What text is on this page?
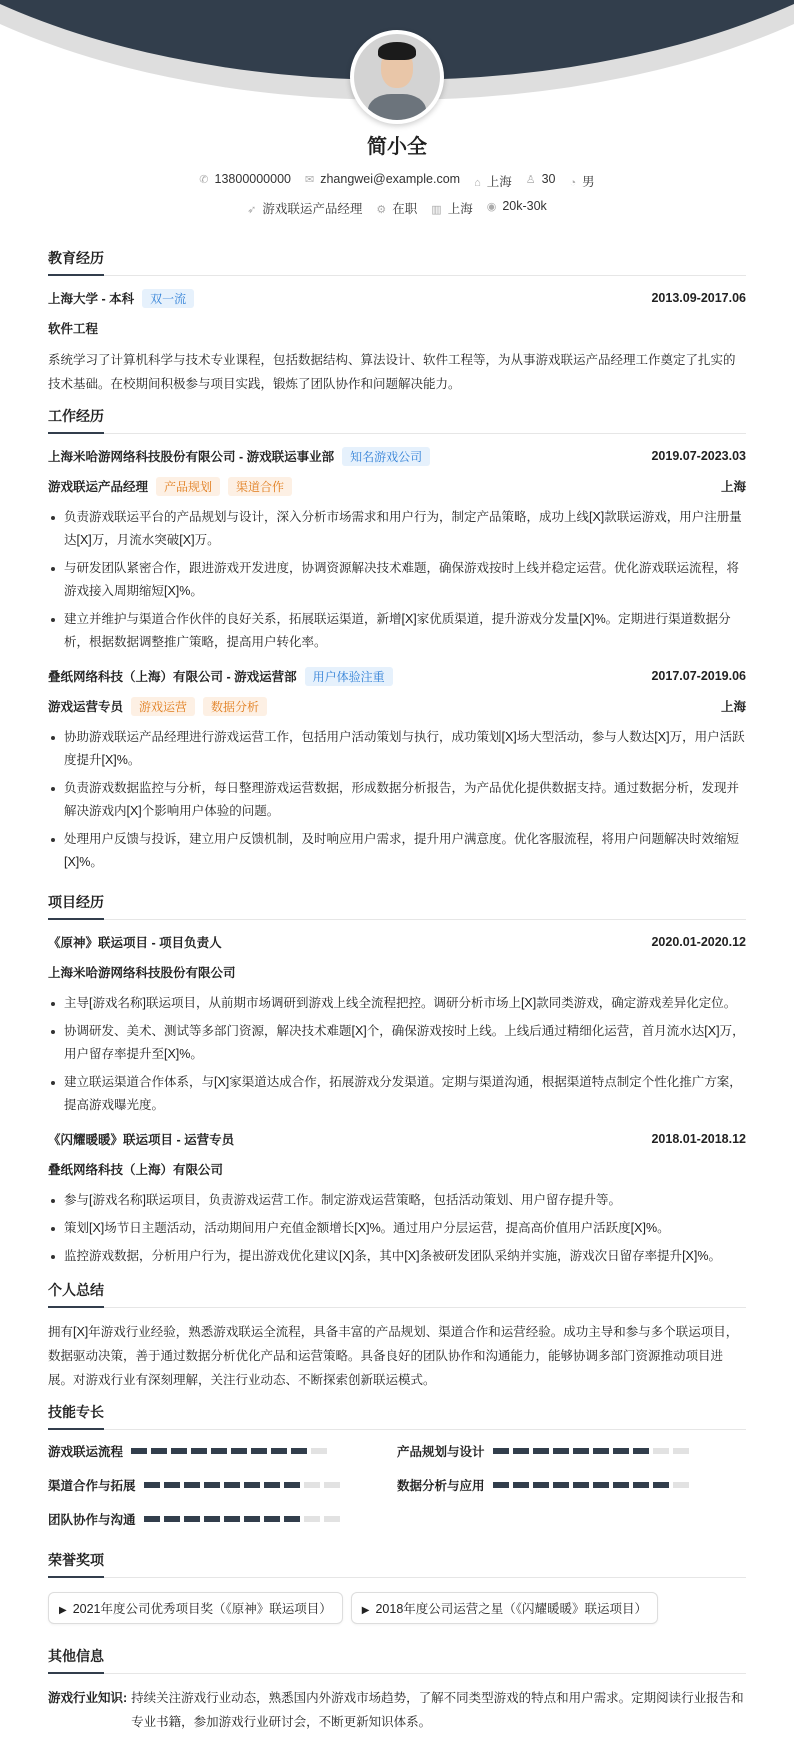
简小全
✆ 13800000000 ✉ zhangwei@example.com ⌂ 上海 ♙ 30 ◔ 男
➶ 游戏联运产品经理 ⚙ 在职 ▥ 上海 ◉ 20k-30k
教育经历
上海大学 - 本科 双一流	2013.09-2017.06
软件工程

系统学习了计算机科学与技术专业课程，包括数据结构、算法设计、软件工程等，为从事游戏联运产品经理工作奠定了扎实的技术基础。在校期间积极参与项目实践，锻炼了团队协作和问题解决能力。

工作经历
上海米哈游网络科技股份有限公司 - 游戏联运事业部 知名游戏公司	2019.07-2023.03
游戏联运产品经理 产品规划 渠道合作	上海
负责游戏联运平台的产品规划与设计，深入分析市场需求和用户行为，制定产品策略，成功上线[X]款联运游戏，用户注册量达[X]万，月流水突破[X]万。
与研发团队紧密合作，跟进游戏开发进度，协调资源解决技术难题，确保游戏按时上线并稳定运营。优化游戏联运流程，将游戏接入周期缩短[X]%。
建立并维护与渠道合作伙伴的良好关系，拓展联运渠道，新增[X]家优质渠道，提升游戏分发量[X]%。定期进行渠道数据分析，根据数据调整推广策略，提高用户转化率。
叠纸网络科技（上海）有限公司 - 游戏运营部 用户体验注重	2017.07-2019.06
游戏运营专员 游戏运营 数据分析	上海
协助游戏联运产品经理进行游戏运营工作，包括用户活动策划与执行，成功策划[X]场大型活动，参与人数达[X]万，用户活跃度提升[X]%。
负责游戏数据监控与分析，每日整理游戏运营数据，形成数据分析报告，为产品优化提供数据支持。通过数据分析，发现并解决游戏内[X]个影响用户体验的问题。
处理用户反馈与投诉，建立用户反馈机制，及时响应用户需求，提升用户满意度。优化客服流程，将用户问题解决时效缩短[X]%。
项目经历
《原神》联运项目 - 项目负责人	2020.01-2020.12
上海米哈游网络科技股份有限公司
主导[游戏名称]联运项目，从前期市场调研到游戏上线全流程把控。调研分析市场上[X]款同类游戏，确定游戏差异化定位。
协调研发、美术、测试等多部门资源，解决技术难题[X]个，确保游戏按时上线。上线后通过精细化运营，首月流水达[X]万，用户留存率提升至[X]%。
建立联运渠道合作体系，与[X]家渠道达成合作，拓展游戏分发渠道。定期与渠道沟通，根据渠道特点制定个性化推广方案，提高游戏曝光度。
《闪耀暖暖》联运项目 - 运营专员	2018.01-2018.12
叠纸网络科技（上海）有限公司
参与[游戏名称]联运项目，负责游戏运营工作。制定游戏运营策略，包括活动策划、用户留存提升等。
策划[X]场节日主题活动，活动期间用户充值金额增长[X]%。通过用户分层运营，提高高价值用户活跃度[X]%。
监控游戏数据，分析用户行为，提出游戏优化建议[X]条，其中[X]条被研发团队采纳并实施，游戏次日留存率提升[X]%。
个人总结

拥有[X]年游戏行业经验，熟悉游戏联运全流程，具备丰富的产品规划、渠道合作和运营经验。成功主导和参与多个联运项目，数据驱动决策，善于通过数据分析优化产品和运营策略。具备良好的团队协作和沟通能力，能够协调多部门资源推动项目进展。对游戏行业有深刻理解，关注行业动态、不断探索创新联运模式。

技能专长
游戏联运流程	产品规划与设计
渠道合作与拓展	数据分析与应用
团队协作与沟通
荣誉奖项
▶ 2021年度公司优秀项目奖（《原神》联运项目）	▶ 2018年度公司运营之星（《闪耀暖暖》联运项目）
其他信息
游戏行业知识: 持续关注游戏行业动态，熟悉国内外游戏市场趋势，了解不同类型游戏的特点和用户需求。定期阅读行业报告和专业书籍，参加游戏行业研讨会，不断更新知识体系。
